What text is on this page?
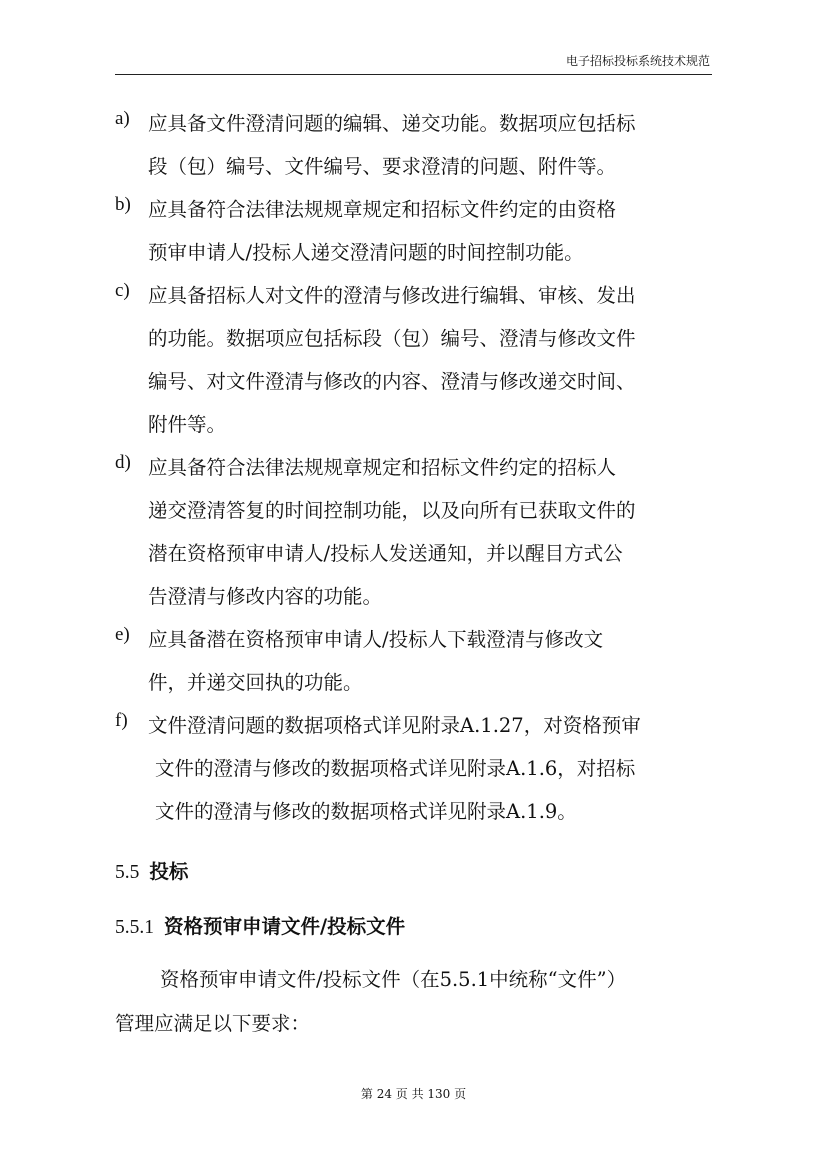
电子招标投标系统技术规范
a) 应具备文件澄清问题的编辑、递交功能。数据项应包括标
段（包）编号、文件编号、要求澄清的问题、附件等。
b) 应具备符合法律法规规章规定和招标文件约定的由资格
预审申请人/投标人递交澄清问题的时间控制功能。
c) 应具备招标人对文件的澄清与修改进行编辑、审核、发出
的功能。数据项应包括标段（包）编号、澄清与修改文件
编号、对文件澄清与修改的内容、澄清与修改递交时间、
附件等。
d) 应具备符合法律法规规章规定和招标文件约定的招标人
递交澄清答复的时间控制功能，以及向所有已获取文件的
潜在资格预审申请人/投标人发送通知，并以醒目方式公
告澄清与修改内容的功能。
e) 应具备潜在资格预审申请人/投标人下载澄清与修改文
件，并递交回执的功能。
f) 文件澄清问题的数据项格式详见附录A.1.27，对资格预审
文件的澄清与修改的数据项格式详见附录A.1.6，对招标
文件的澄清与修改的数据项格式详见附录A.1.9。
5.5 投标
5.5.1 资格预审申请文件/投标文件
资格预审申请文件/投标文件（在5.5.1中统称“文件”）
管理应满足以下要求：
第 24 页 共 130 页
